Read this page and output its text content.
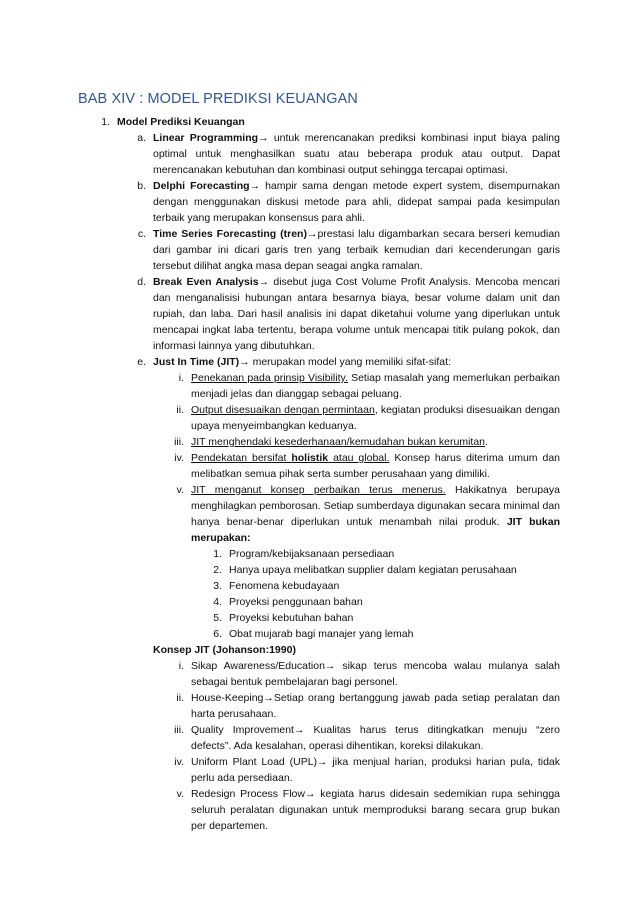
BAB XIV : MODEL PREDIKSI KEUANGAN
1. Model Prediksi Keuangan
a. Linear Programming→ untuk merencanakan prediksi kombinasi input biaya paling optimal untuk menghasilkan suatu atau beberapa produk atau output. Dapat merencanakan kebutuhan dan kombinasi output sehingga tercapai optimasi.
b. Delphi Forecasting→ hampir sama dengan metode expert system, disempurnakan dengan menggunakan diskusi metode para ahli, didepat sampai pada kesimpulan terbaik yang merupakan konsensus para ahli.
c. Time Series Forecasting (tren)→prestasi lalu digambarkan secara berseri kemudian dari gambar ini dicari garis tren yang terbaik kemudian dari kecenderungan garis tersebut dilihat angka masa depan seagai angka ramalan.
d. Break Even Analysis→ disebut juga Cost Volume Profit Analysis. Mencoba mencari dan menganalisisi hubungan antara besarnya biaya, besar volume dalam unit dan rupiah, dan laba. Dari hasil analisis ini dapat diketahui volume yang diperlukan untuk mencapai ingkat laba tertentu, berapa volume untuk mencapai titik pulang pokok, dan informasi lainnya yang dibutuhkan.
e. Just In Time (JIT)→ merupakan model yang memiliki sifat-sifat:
i. Penekanan pada prinsip Visibility. Setiap masalah yang memerlukan perbaikan menjadi jelas dan dianggap sebagai peluang.
ii. Output disesuaikan dengan permintaan, kegiatan produksi disesuaikan dengan upaya menyeimbangkan keduanya.
iii. JIT menghendaki kesederhanaan/kemudahan bukan kerumitan.
iv. Pendekatan bersifat holistik atau global. Konsep harus diterima umum dan melibatkan semua pihak serta sumber perusahaan yang dimiliki.
v. JIT menganut konsep perbaikan terus menerus. Hakikatnya berupaya menghilagkan pemborosan. Setiap sumberdaya digunakan secara minimal dan hanya benar-benar diperlukan untuk menambah nilai produk. JIT bukan merupakan:
1. Program/kebijaksanaan persediaan
2. Hanya upaya melibatkan supplier dalam kegiatan perusahaan
3. Fenomena kebudayaan
4. Proyeksi penggunaan bahan
5. Proyeksi kebutuhan bahan
6. Obat mujarab bagi manajer yang lemah
Konsep JIT (Johanson:1990)
i. Sikap Awareness/Education→ sikap terus mencoba walau mulanya salah sebagai bentuk pembelajaran bagi personel.
ii. House-Keeping→Setiap orang bertanggung jawab pada setiap peralatan dan harta perusahaan.
iii. Quality Improvement→ Kualitas harus terus ditingkatkan menuju “zero defects”. Ada kesalahan, operasi dihentikan, koreksi dilakukan.
iv. Uniform Plant Load (UPL)→ jika menjual harian, produksi harian pula, tidak perlu ada persediaan.
v. Redesign Process Flow→ kegiata harus didesain sedemikian rupa sehingga seluruh peralatan digunakan untuk memproduksi barang secara grup bukan per departemen.
